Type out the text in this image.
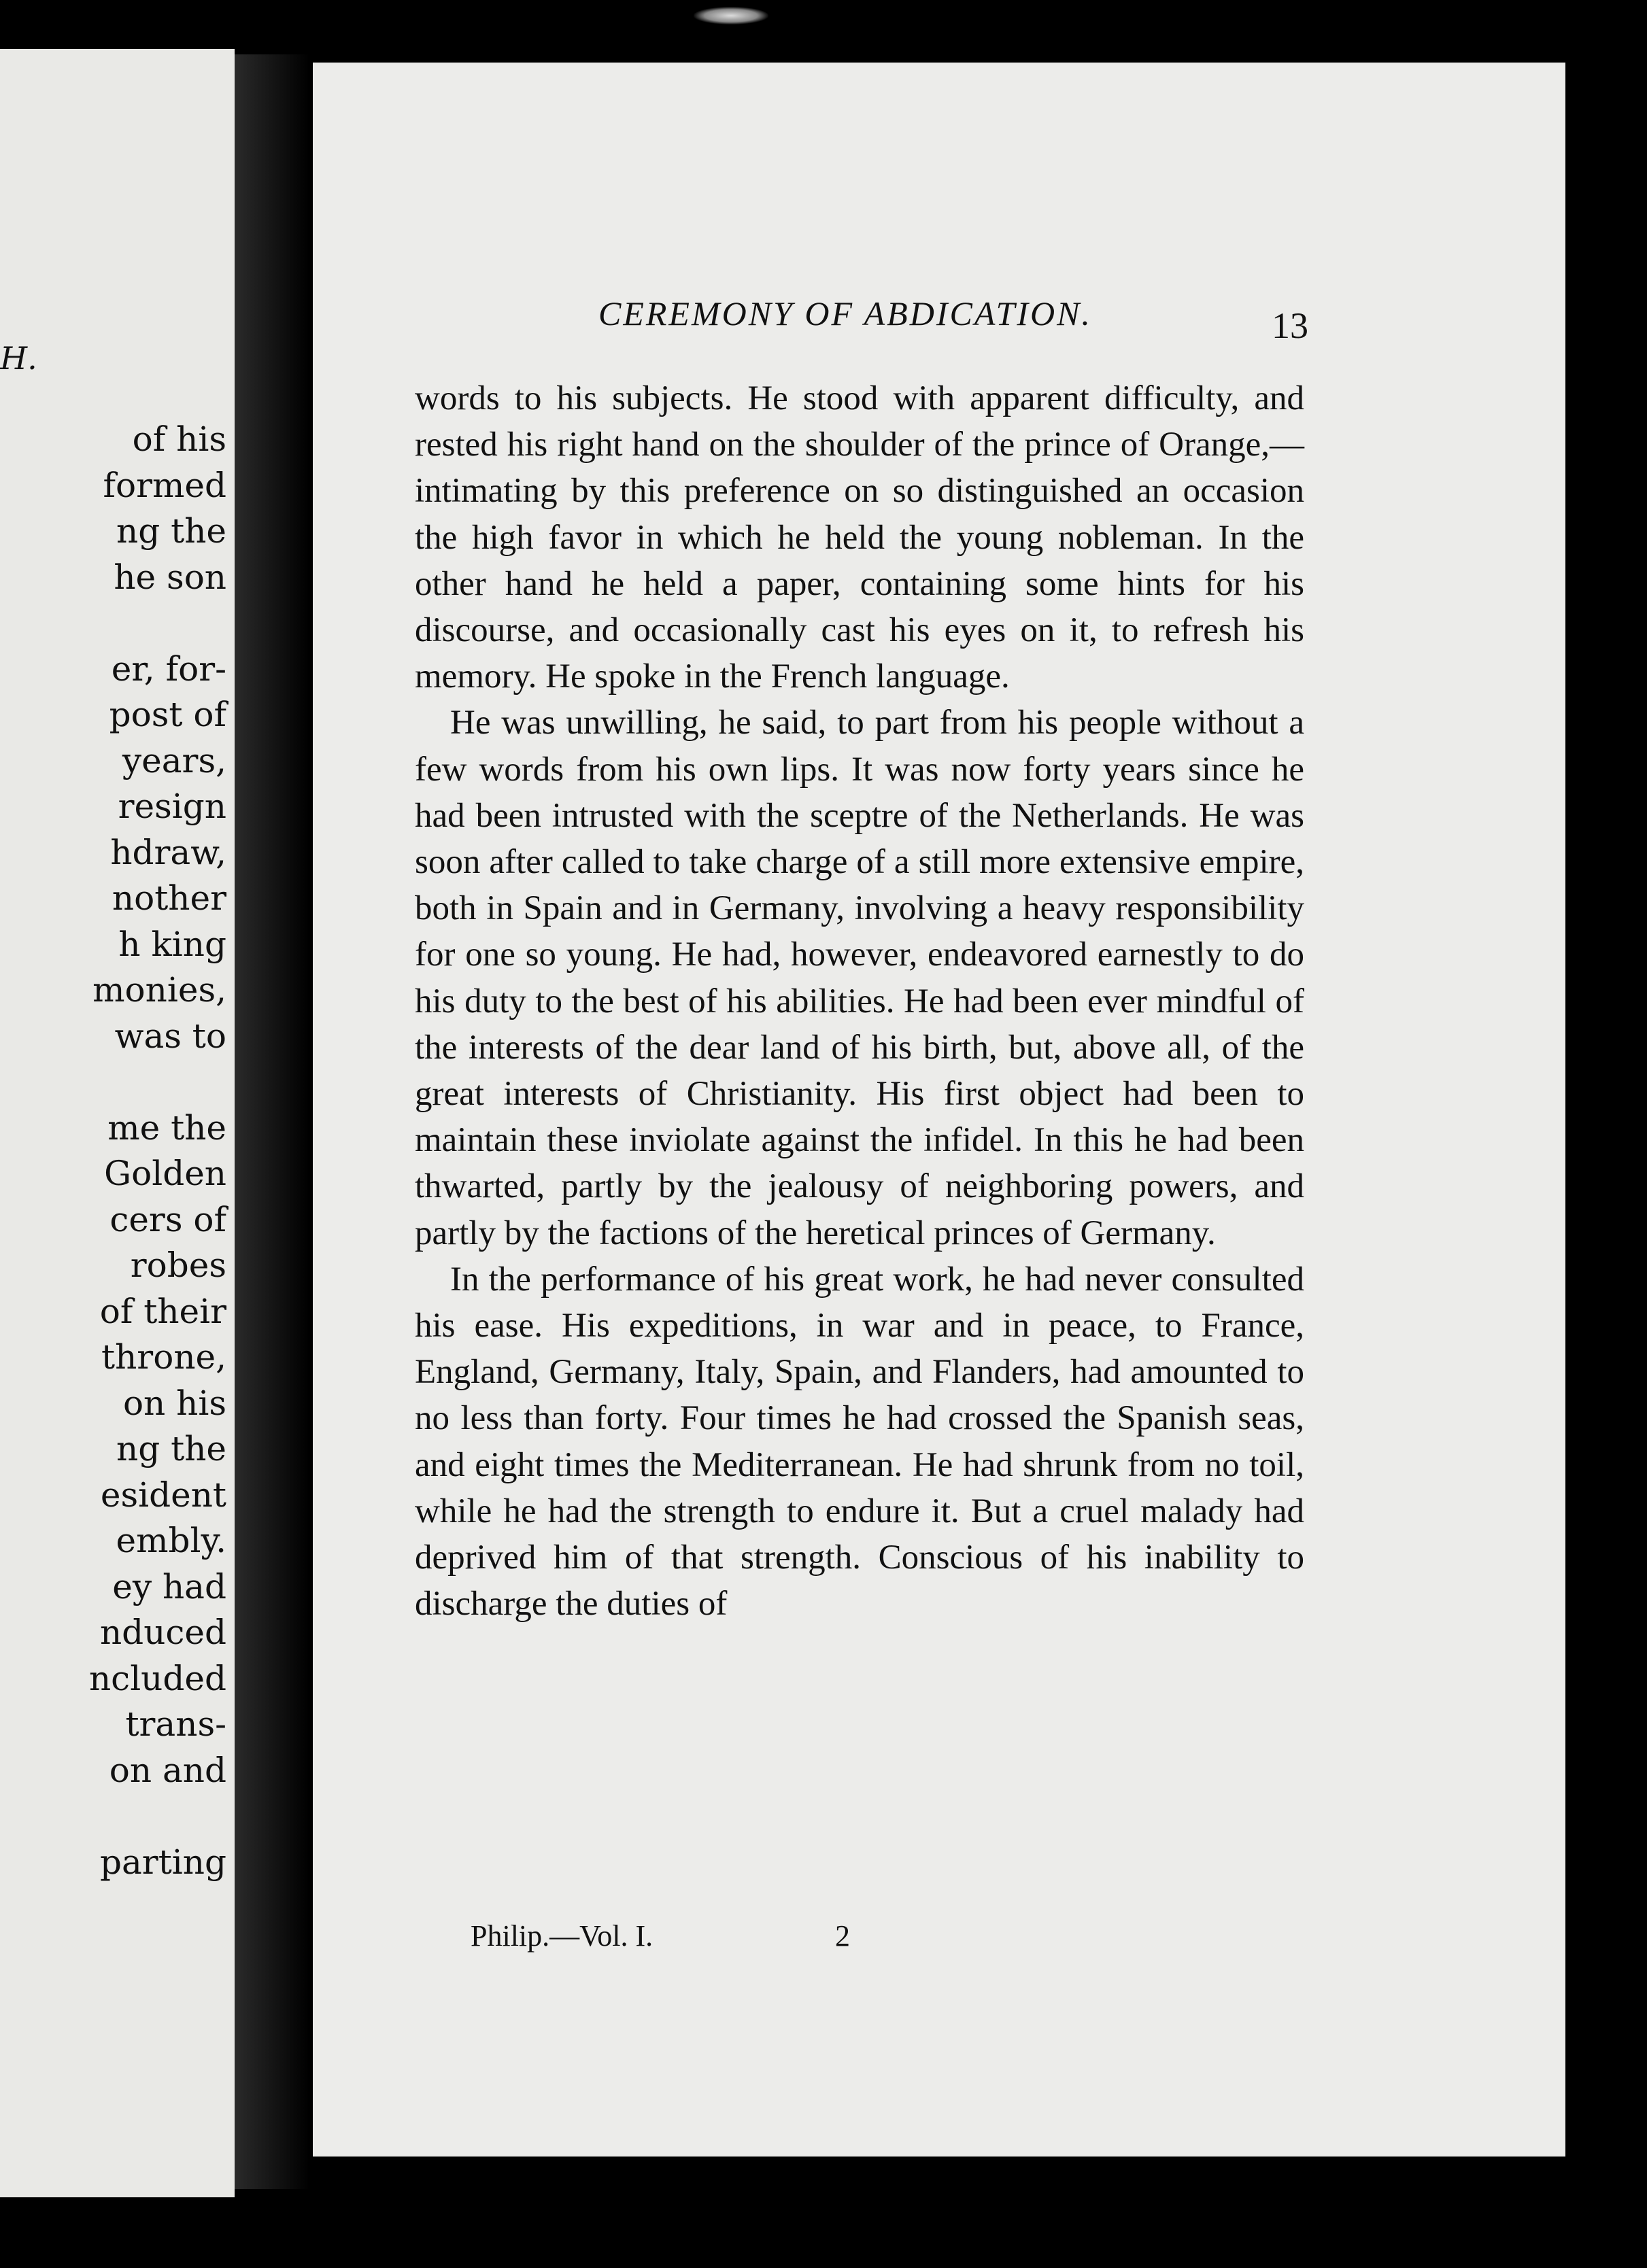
H.
of his
formed
ng the
he son
er, for-
post of
years,
resign
hdraw,
nother
h king
monies,
was to
me the
Golden
cers of
robes
of their
throne,
on his
ng the
esident
embly.
ey had
nduced
ncluded
trans-
on and
parting
CEREMONY OF ABDICATION.	13

words to his subjects. He stood with apparent difficulty, and rested his right hand on the shoulder of the prince of Orange,—intimating by this preference on so distinguished an occasion the high favor in which he held the young nobleman. In the other hand he held a paper, containing some hints for his discourse, and occasionally cast his eyes on it, to refresh his memory. He spoke in the French language.

He was unwilling, he said, to part from his people without a few words from his own lips. It was now forty years since he had been intrusted with the sceptre of the Netherlands. He was soon after called to take charge of a still more extensive empire, both in Spain and in Germany, involving a heavy responsibility for one so young. He had, however, endeavored earnestly to do his duty to the best of his abilities. He had been ever mindful of the interests of the dear land of his birth, but, above all, of the great interests of Christianity. His first object had been to maintain these inviolate against the infidel. In this he had been thwarted, partly by the jealousy of neighboring powers, and partly by the factions of the heretical princes of Germany.

In the performance of his great work, he had never consulted his ease. His expeditions, in war and in peace, to France, England, Germany, Italy, Spain, and Flanders, had amounted to no less than forty. Four times he had crossed the Spanish seas, and eight times the Mediterranean. He had shrunk from no toil, while he had the strength to endure it. But a cruel malady had deprived him of that strength. Conscious of his inability to discharge the duties of

Philip.—Vol. I.	2
